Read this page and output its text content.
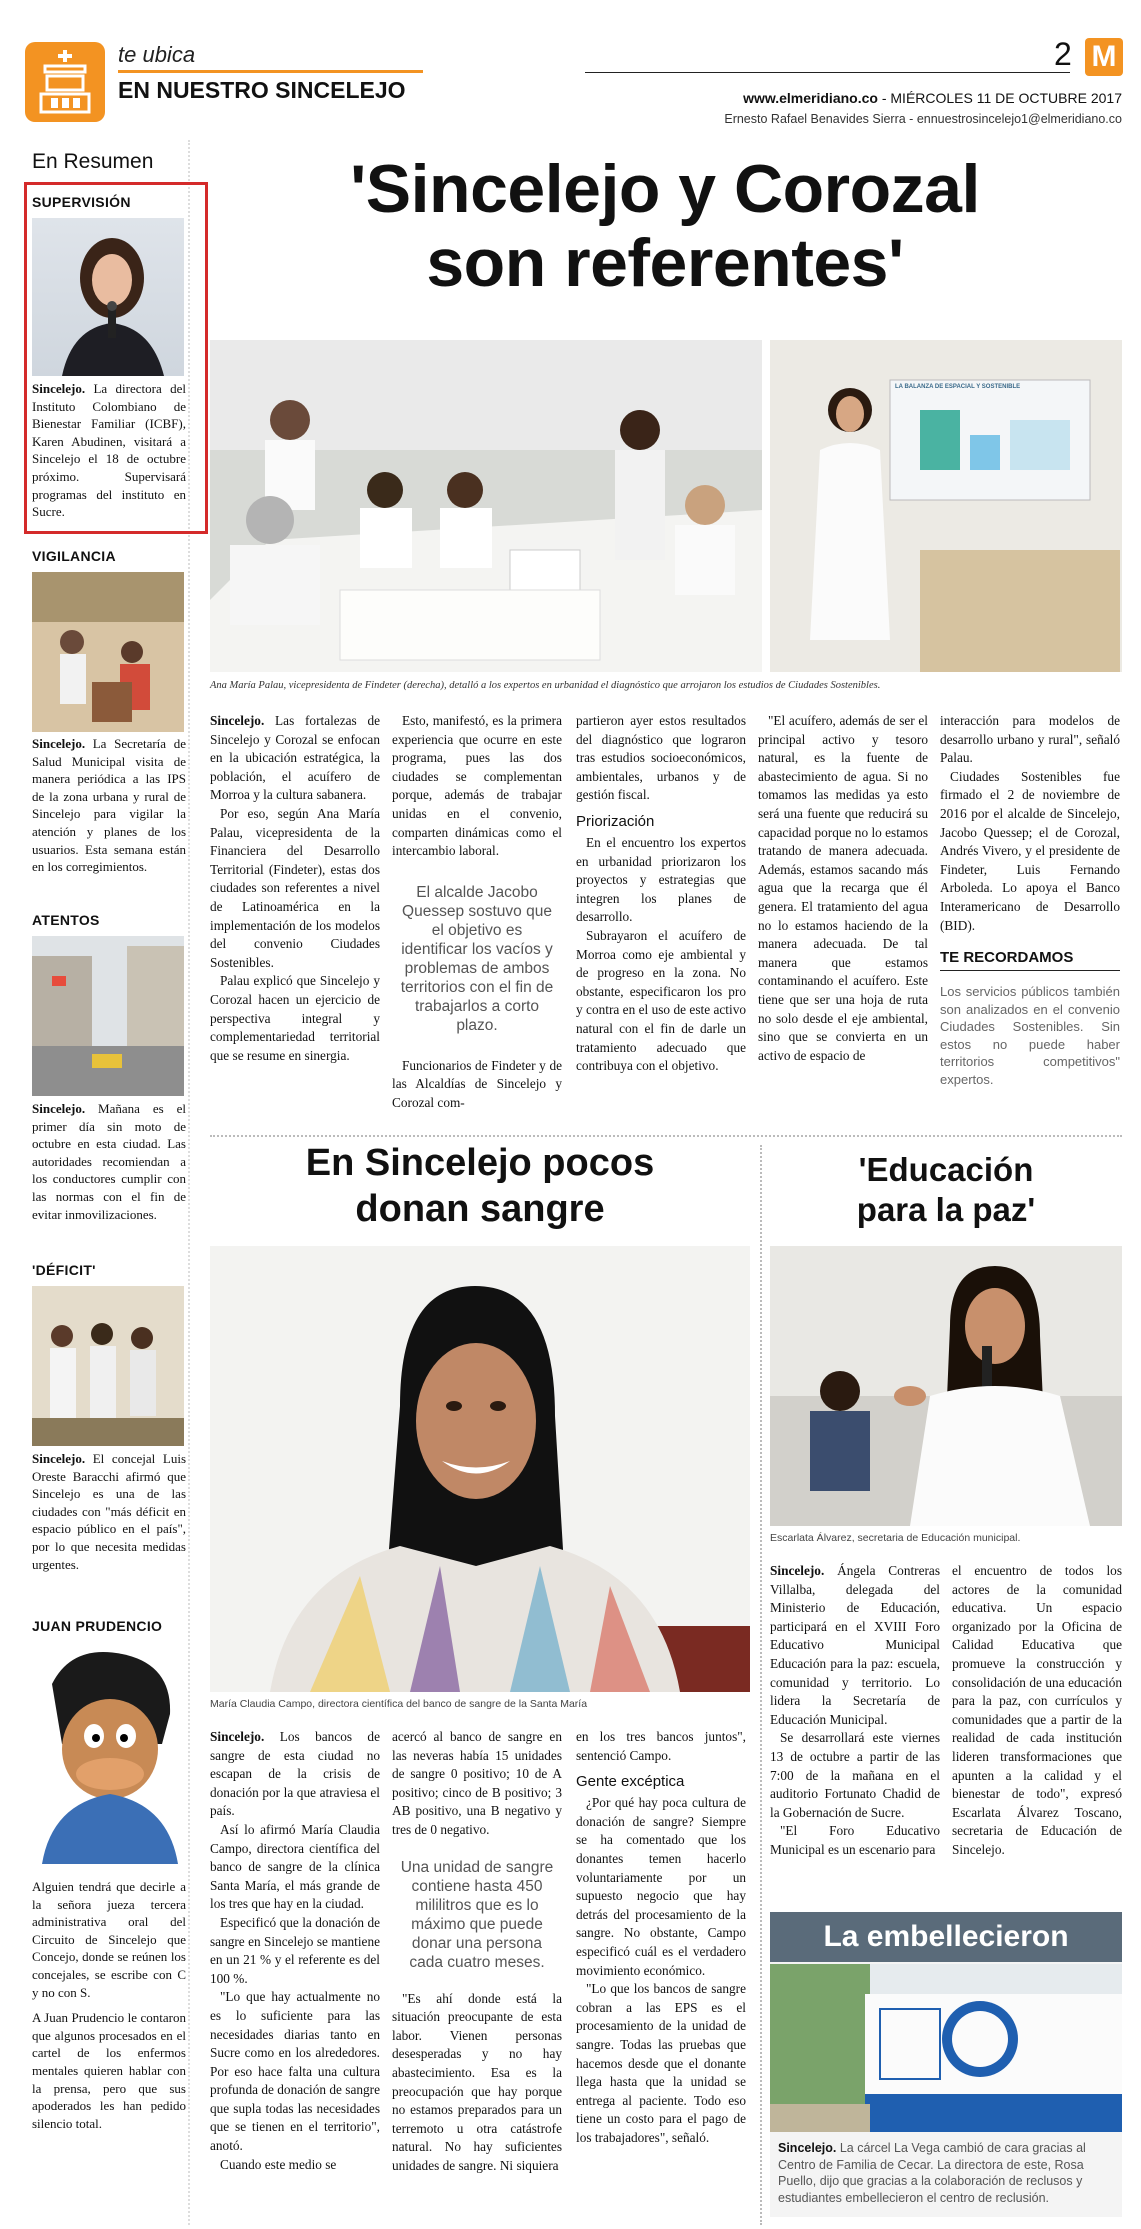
te ubica
EN NUESTRO SINCELEJO
2 M
www.elmeridiano.co - MIÉRCOLES 11 DE OCTUBRE 2017
Ernesto Rafael Benavides Sierra - ennuestrosincelejo1@elmeridiano.co
En Resumen
SUPERVISIÓN
Sincelejo. La directora del Instituto Colombiano de Bienestar Familiar (ICBF), Karen Abudinen, visitará a Sincelejo el 18 de octubre próximo. Supervisará programas del instituto en Sucre.
VIGILANCIA
Sincelejo. La Secretaría de Salud Municipal visita de manera periódica a las IPS de la zona urbana y rural de Sincelejo para vigilar la atención y planes de los usuarios. Esta semana están en los corregimientos.
ATENTOS
Sincelejo. Mañana es el primer día sin moto de octubre en esta ciudad. Las autoridades recomiendan a los conductores cumplir con las normas con el fin de evitar inmovilizaciones.
'DÉFICIT'
Sincelejo. El concejal Luis Oreste Baracchi afirmó que Sincelejo es una de las ciudades con "más déficit en espacio público en el país", por lo que necesita medidas urgentes.
JUAN PRUDENCIO
Alguien tendrá que decirle a la señora jueza tercera administrativa oral del Circuito de Sincelejo que Concejo, donde se reúnen los concejales, se escribe con C y no con S.
A Juan Prudencio le contaron que algunos procesados en el cartel de los enfermos mentales quieren hablar con la prensa, pero que sus apoderados les han pedido silencio total.
'Sincelejo y Corozal
son referentes'
LA BALANZA DE ESPACIAL Y SOSTENIBLE
Ana María Palau, vicepresidenta de Findeter (derecha), detalló a los expertos en urbanidad el diagnóstico que arrojaron los estudios de Ciudades Sostenibles.

Sincelejo. Las fortalezas de Sincelejo y Corozal se enfocan en la ubicación estratégica, la población, el acuífero de Morroa y la cultura sabanera.

Por eso, según Ana María Palau, vicepresidenta de la Financiera del Desarrollo Territorial (Findeter), estas dos ciudades son referentes a nivel de Latinoamérica en la implementación de los modelos del convenio Ciudades Sostenibles.

Palau explicó que Sincelejo y Corozal hacen un ejercicio de perspectiva integral y complementariedad territorial que se resume en sinergia.

Esto, manifestó, es la primera experiencia que ocurre en este programa, pues las dos ciudades se complementan porque, además de trabajar unidas en el convenio, comparten dinámicas como el intercambio laboral.

El alcalde Jacobo Quessep sostuvo que el objetivo es identificar los vacíos y problemas de ambos territorios con el fin de trabajarlos a corto plazo.

Funcionarios de Findeter y de las Alcaldías de Sincelejo y Corozal com-

partieron ayer estos resultados del diagnóstico que lograron tras estudios socioeconómicos, ambientales, urbanos y de gestión fiscal.

Priorización

En el encuentro los expertos en urbanidad priorizaron los proyectos y estrategias que integren los planes de desarrollo.

Subrayaron el acuífero de Morroa como eje ambiental y de progreso en la zona. No obstante, especificaron los pro y contra en el uso de este activo natural con el fin de darle un tratamiento adecuado que contribuya con el objetivo.

"El acuífero, además de ser el principal activo y tesoro natural, es la fuente de abastecimiento de agua. Si no tomamos las medidas ya esto será una fuente que reducirá su capacidad porque no lo estamos tratando de manera adecuada. Además, estamos sacando más agua que la recarga que él genera. El tratamiento del agua no lo estamos haciendo de la manera adecuada. De tal manera que estamos contaminando el acuífero. Este tiene que ser una hoja de ruta no solo desde el eje ambiental, sino que se convierta en un activo de espacio de

interacción para modelos de desarrollo urbano y rural", señaló Palau.

Ciudades Sostenibles fue firmado el 2 de noviembre de 2016 por el alcalde de Sincelejo, Jacobo Quessep; el de Corozal, Andrés Vivero, y el presidente de Findeter, Luis Fernando Arboleda. Lo apoya el Banco Interamericano de Desarrollo (BID).

TE RECORDAMOS
Los servicios públicos también son analizados en el convenio Ciudades Sostenibles. Sin estos no puede haber territorios competitivos" expertos.
En Sincelejo pocos
donan sangre
María Claudia Campo, directora científica del banco de sangre de la Santa María

Sincelejo. Los bancos de sangre de esta ciudad no escapan de la crisis de donación por la que atraviesa el país.

Así lo afirmó María Claudia Campo, directora científica del banco de sangre de la clínica Santa María, el más grande de los tres que hay en la ciudad.

Especificó que la donación de sangre en Sincelejo se mantiene en un 21 % y el referente es del 100 %.

"Lo que hay actualmente no es lo suficiente para las necesidades diarias tanto en Sucre como en los alrededores. Por eso hace falta una cultura profunda de donación de sangre que supla todas las necesidades que se tienen en el territorio", anotó.

Cuando este medio se

acercó al banco de sangre en las neveras había 15 unidades de sangre 0 positivo; 10 de A positivo; cinco de B positivo; 3 AB positivo, una B negativo y tres de 0 negativo.

Una unidad de sangre contiene hasta 450 mililitros que es lo máximo que puede donar una persona cada cuatro meses.

"Es ahí donde está la situación preocupante de esta labor. Vienen personas desesperadas y no hay abastecimiento. Esa es la preocupación que hay porque no estamos preparados para un terremoto u otra catástrofe natural. No hay suficientes unidades de sangre. Ni siquiera

en los tres bancos juntos", sentenció Campo.

Gente excéptica

¿Por qué hay poca cultura de donación de sangre? Siempre se ha comentado que los donantes temen hacerlo voluntariamente por un supuesto negocio que hay detrás del procesamiento de la sangre. No obstante, Campo especificó cuál es el verdadero movimiento económico.

"Lo que los bancos de sangre cobran a las EPS es el procesamiento de la unidad de sangre. Todas las pruebas que hacemos desde que el donante llega hasta que la unidad se entrega al paciente. Todo eso tiene un costo para el pago de los trabajadores", señaló.

'Educación
para la paz'
Escarlata Álvarez, secretaria de Educación municipal.

Sincelejo. Ángela Contreras Villalba, delegada del Ministerio de Educación, participará en el XVIII Foro Educativo Municipal Educación para la paz: escuela, comunidad y territorio. Lo lidera la Secretaría de Educación Municipal.

Se desarrollará este viernes 13 de octubre a partir de las 7:00 de la mañana en el auditorio Fortunato Chadid de la Gobernación de Sucre.

"El Foro Educativo Municipal es un escenario para

el encuentro de todos los actores de la comunidad educativa. Un espacio organizado por la Oficina de Calidad Educativa que promueve la construcción y consolidación de una educación para la paz, con currículos y comunidades que a partir de la realidad de cada institución lideren transformaciones que apunten a la calidad y el bienestar de todo", expresó Escarlata Álvarez Toscano, secretaria de Educación de Sincelejo.

La embellecieron
Sincelejo. La cárcel La Vega cambió de cara gracias al Centro de Familia de Cecar. La directora de este, Rosa Puello, dijo que gracias a la colaboración de reclusos y estudiantes embellecieron el centro de reclusión.
